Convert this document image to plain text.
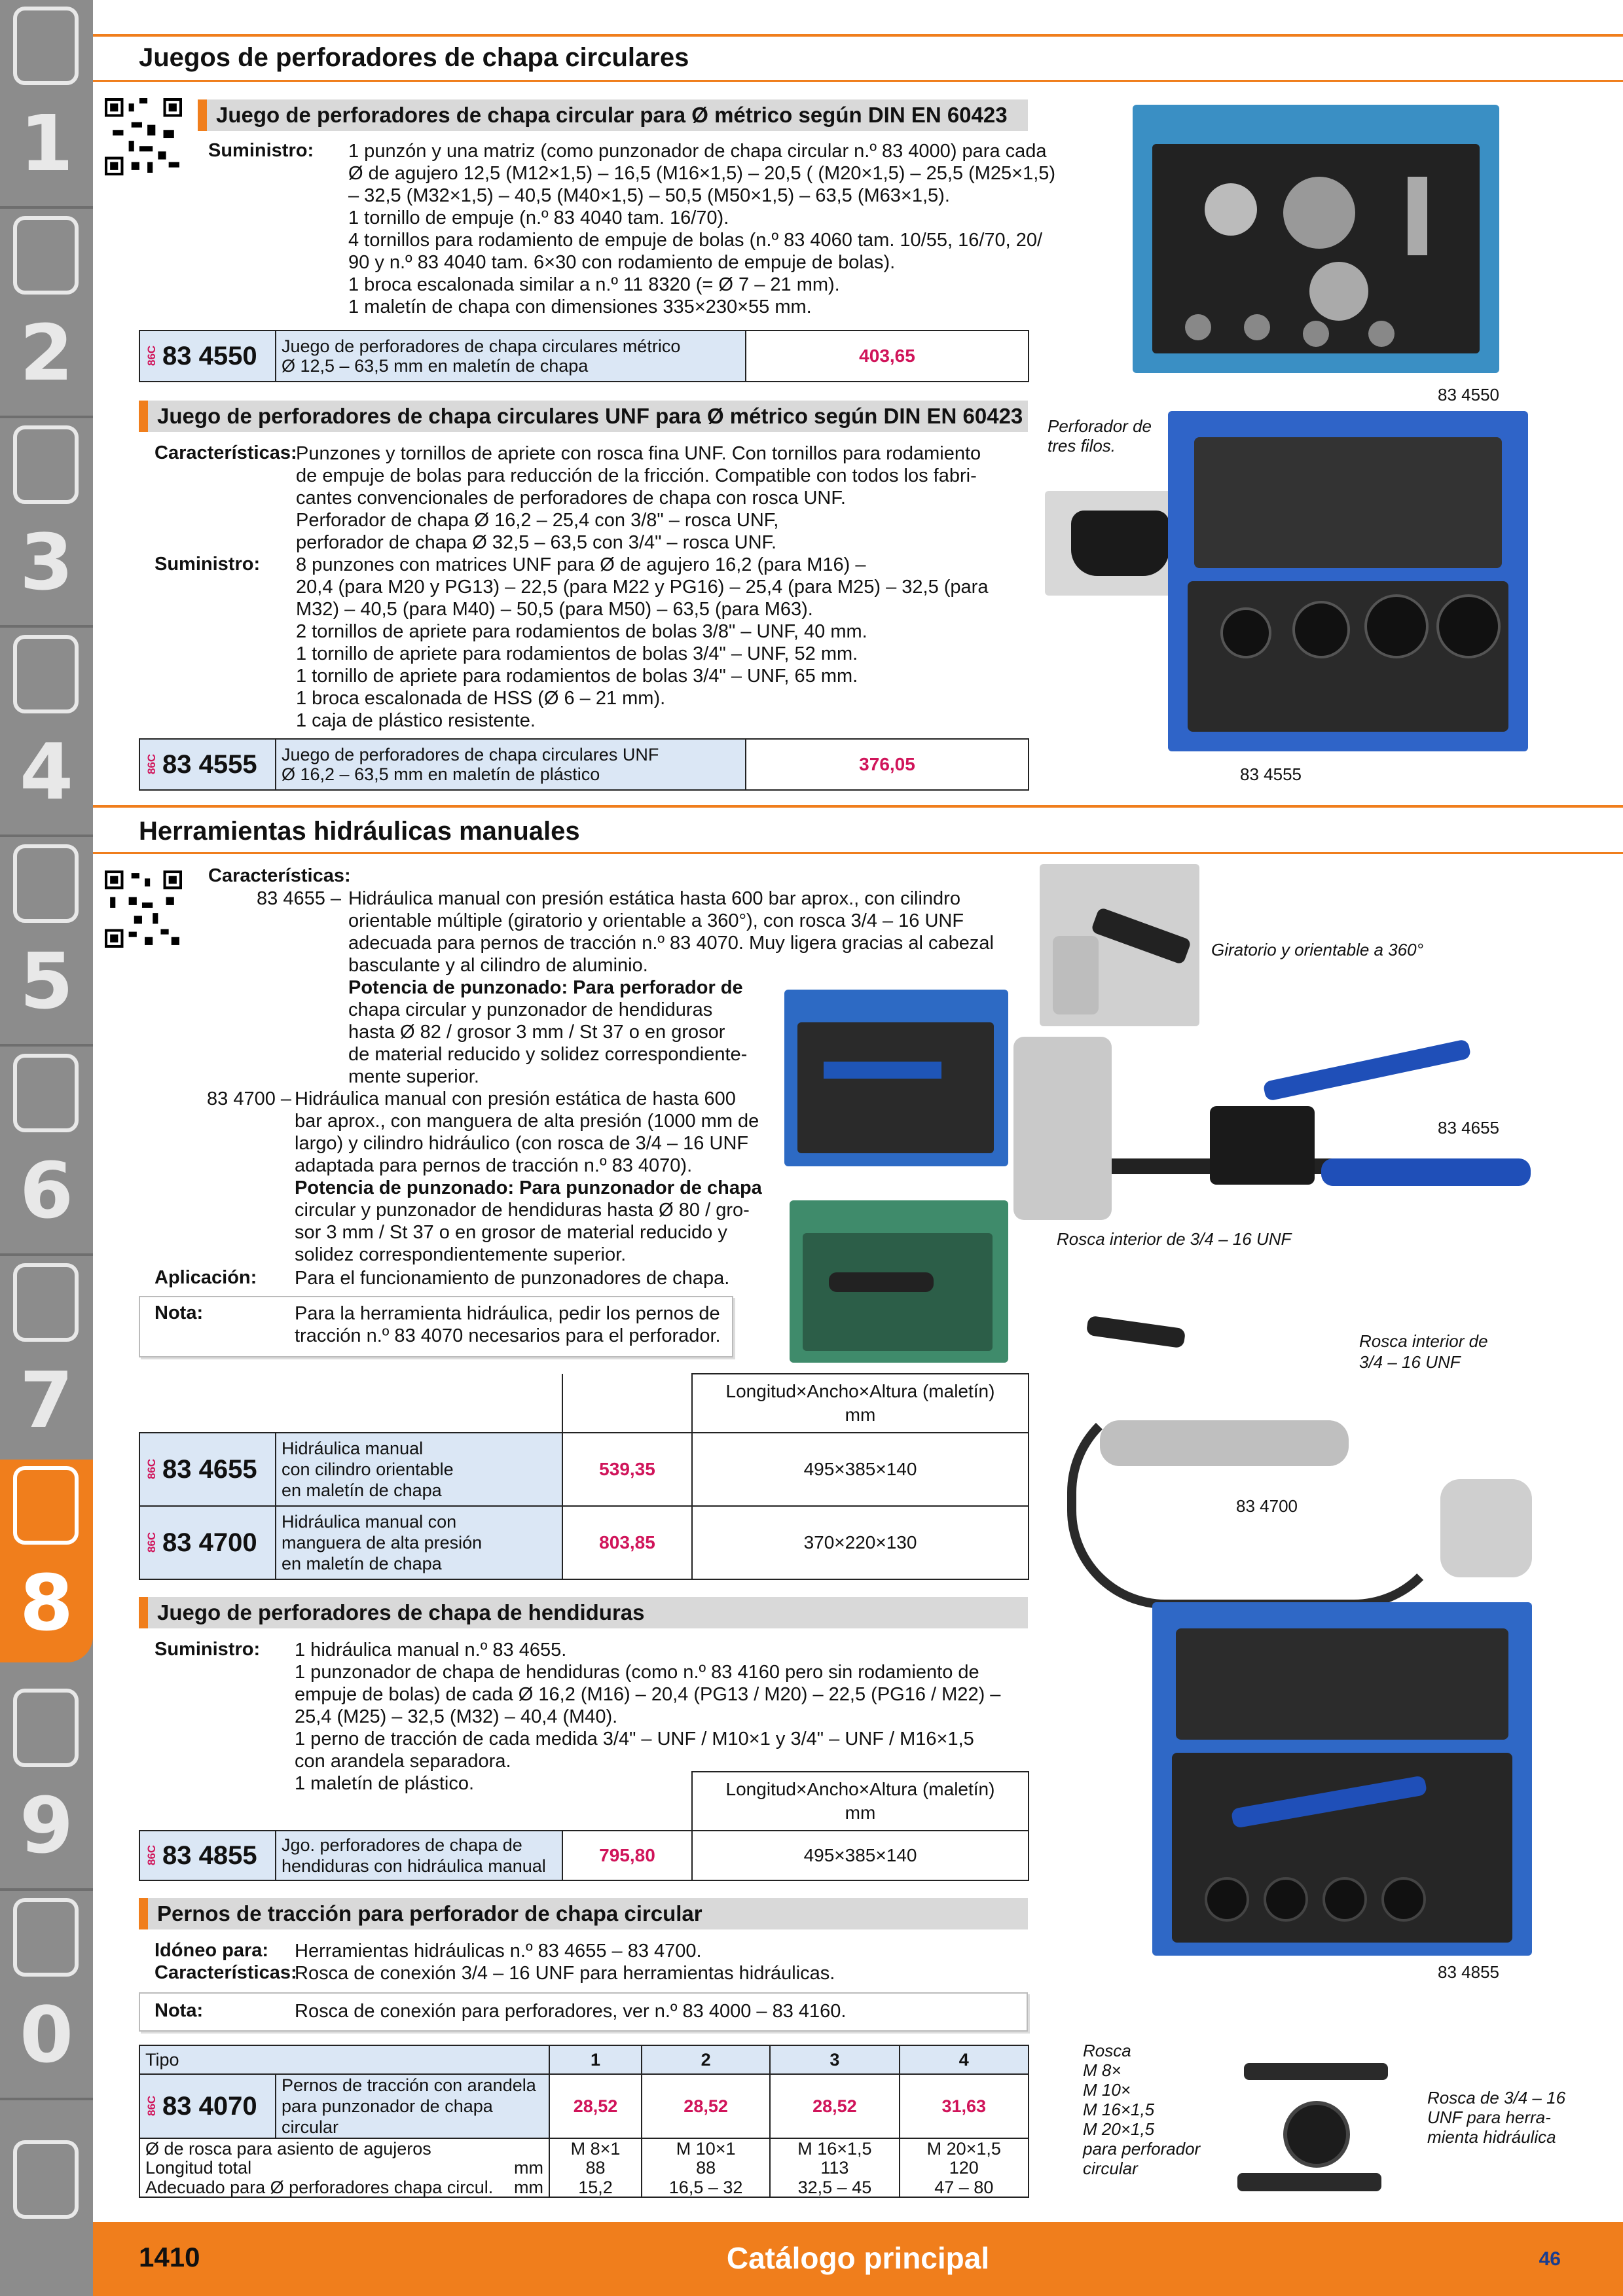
1
2
3
4
5
6
7
8
9
0
Juegos de perforadores de chapa circulares
Juego de perforadores de chapa circular para Ø métrico según DIN EN 60423
Suministro: 1 punzón y una matriz (como punzonador de chapa circular n.º 83 4000) para cada
Ø de agujero 12,5 (M12×1,5) – 16,5 (M16×1,5) – 20,5 ( (M20×1,5) – 25,5 (M25×1,5)
– 32,5 (M32×1,5) – 40,5 (M40×1,5) – 50,5 (M50×1,5) – 63,5 (M63×1,5).
1 tornillo de empuje (n.º 83 4040 tam. 16/70).
4 tornillos para rodamiento de empuje de bolas (n.º 83 4060 tam. 10/55, 16/70, 20/
90 y n.º 83 4040 tam. 6×30 con rodamiento de empuje de bolas).
1 broca escalonada similar a n.º 11 8320 (= Ø 7 – 21 mm).
1 maletín de chapa con dimensiones 335×230×55 mm.
86C 83 4550	Juego de perforadores de chapa circulares métrico
Ø 12,5 – 63,5 mm en maletín de chapa	403,65
83 4550
Juego de perforadores de chapa circulares UNF para Ø métrico según DIN EN 60423
Características:
Punzones y tornillos de apriete con rosca fina UNF. Con tornillos para rodamiento
de empuje de bolas para reducción de la fricción. Compatible con todos los fabri-
cantes convencionales de perforadores de chapa con rosca UNF.
Perforador de chapa Ø 16,2 – 25,4 con 3/8" – rosca UNF,
perforador de chapa Ø 32,5 – 63,5 con 3/4" – rosca UNF.
Suministro: 8 punzones con matrices UNF para Ø de agujero 16,2 (para M16) –
20,4 (para M20 y PG13) – 22,5 (para M22 y PG16) – 25,4 (para M25) – 32,5 (para
M32) – 40,5 (para M40) – 50,5 (para M50) – 63,5 (para M63).
2 tornillos de apriete para rodamientos de bolas 3/8" – UNF, 40 mm.
1 tornillo de apriete para rodamientos de bolas 3/4" – UNF, 52 mm.
1 tornillo de apriete para rodamientos de bolas 3/4" – UNF, 65 mm.
1 broca escalonada de HSS (Ø 6 – 21 mm).
1 caja de plástico resistente.
86C 83 4555	Juego de perforadores de chapa circulares UNF
Ø 16,2 – 63,5 mm en maletín de plástico	376,05
Perforador de tres filos.
83 4555
Herramientas hidráulicas manuales
Características:
83 4655 – Hidráulica manual con presión estática hasta 600 bar aprox., con cilindro
orientable múltiple (giratorio y orientable a 360°), con rosca 3/4 – 16 UNF
adecuada para pernos de tracción n.º 83 4070. Muy ligera gracias al cabezal
basculante y al cilindro de aluminio.
Potencia de punzonado: Para perforador de
chapa circular y punzonador de hendiduras
hasta Ø 82 / grosor 3 mm / St 37 o en grosor
de material reducido y solidez correspondiente-
mente superior.
83 4700 – Hidráulica manual con presión estática de hasta 600
bar aprox., con manguera de alta presión (1000 mm de
largo) y cilindro hidráulico (con rosca de 3/4 – 16 UNF
adaptada para pernos de tracción n.º 83 4070).
Potencia de punzonado: Para punzonador de chapa
circular y punzonador de hendiduras hasta Ø 80 / gro-
sor 3 mm / St 37 o en grosor de material reducido y
solidez correspondientemente superior.
Aplicación: Para el funcionamiento de punzonadores de chapa.
Nota:	Para la herramienta hidráulica, pedir los pernos de
tracción n.º 83 4070 necesarios para el perforador.

			Longitud×Ancho×Altura (maletín)
mm

86C 83 4655	Hidráulica manual
con cilindro orientable
en maletín de chapa	539,35	495×385×140
86C 83 4700	Hidráulica manual con
manguera de alta presión
en maletín de chapa	803,85	370×220×130
Giratorio y orientable a 360°
83 4655
Rosca interior de 3/4 – 16 UNF
Rosca interior de
3/4 – 16 UNF
83 4700
Juego de perforadores de chapa de hendiduras
Suministro: 1 hidráulica manual n.º 83 4655.
1 punzonador de chapa de hendiduras (como n.º 83 4160 pero sin rodamiento de
empuje de bolas) de cada Ø 16,2 (M16) – 20,4 (PG13 / M20) – 22,5 (PG16 / M22) –
25,4 (M25) – 32,5 (M32) – 40,4 (M40).
1 perno de tracción de cada medida 3/4" – UNF / M10×1 y 3/4" – UNF / M16×1,5
con arandela separadora.
1 maletín de plástico.

			Longitud×Ancho×Altura (maletín)
mm

86C 83 4855	Jgo. perforadores de chapa de
hendiduras con hidráulica manual	795,80	495×385×140
83 4855
Pernos de tracción para perforador de chapa circular
Idóneo para: Herramientas hidráulicas n.º 83 4655 – 83 4700.
Características:
Rosca de conexión 3/4 – 16 UNF para herramientas hidráulicas.
Nota:	Rosca de conexión para perforadores, ver n.º 83 4000 – 83 4160.
Tipo		1	2	3	4
86C 83 4070	Pernos de tracción con arandela
para punzonador de chapa circular	28,52	28,52	28,52	31,63
Ø de rosca para asiento de agujeros		M 8×1	M 10×1	M 16×1,5	M 20×1,5
Longitud total mm		88	88	113	120
Adecuado para Ø perforadores chapa circul. mm		15,2	16,5 – 32	32,5 – 45	47 – 80
Rosca
M 8×
M 10×
M 16×1,5
M 20×1,5
para perforador
circular
Rosca de 3/4 – 16
UNF para herra-
mienta hidráulica
1410	Catálogo principal	46
